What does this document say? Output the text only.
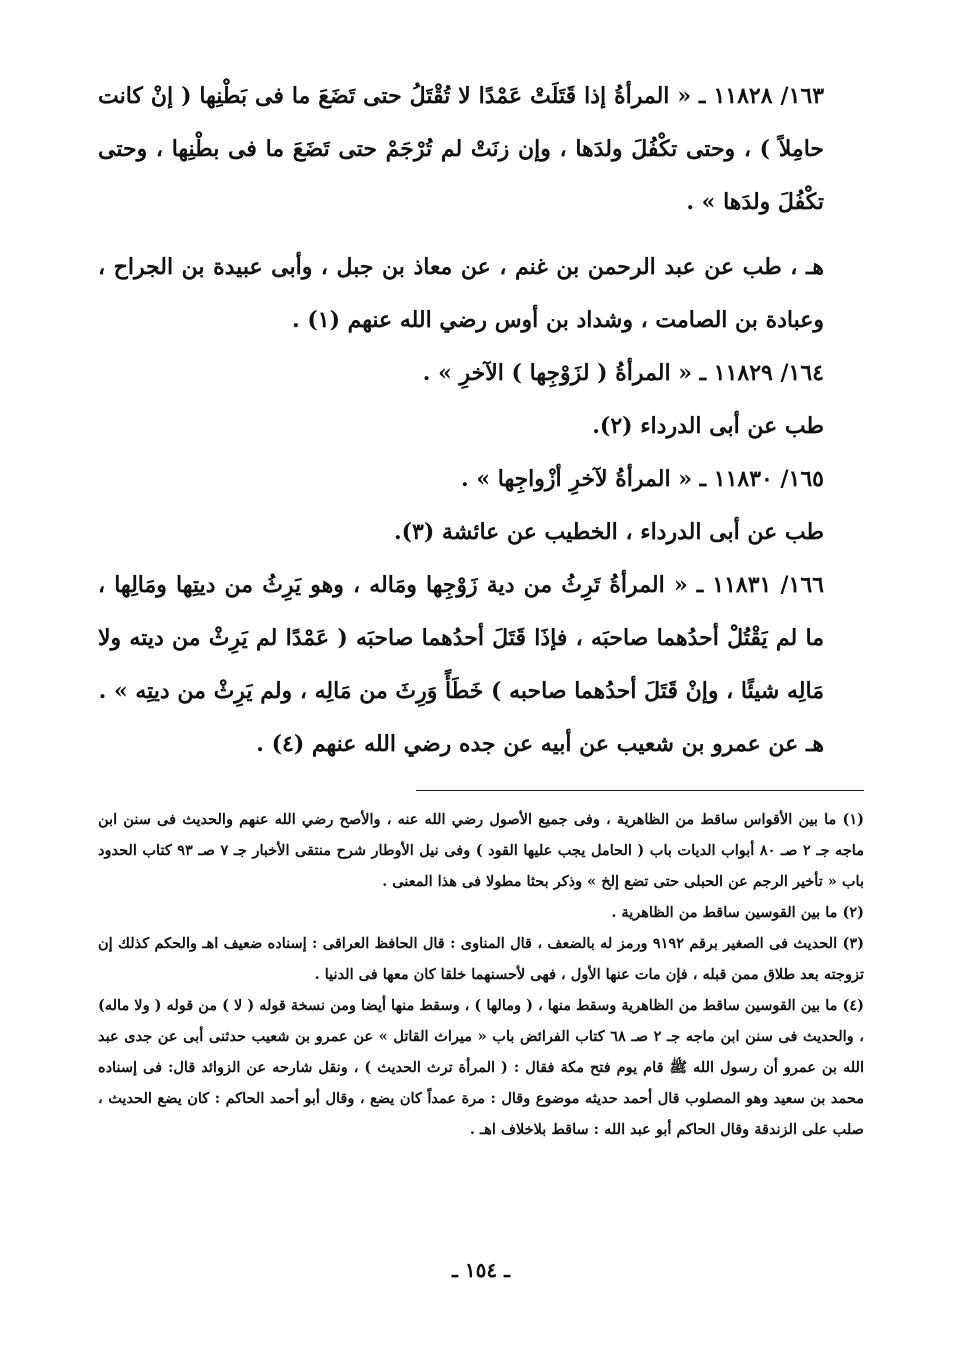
١٦٣/ ١١٨٢٨ ـ « المرأةُ إذا قَتَلَتْ عَمْدًا لا تُقْتَلُ حتى تَضَعَ ما فى بَطْنِها ( إنْ كانت حامِلاً ) ، وحتى تكْفُلَ ولدَها ، وإن زنَتْ لم تُرْجَمْ حتى تَضَعَ ما فى بطْنِها ، وحتى تكْفُلَ ولدَها » .

هـ ، طب عن عبد الرحمن بن غنم ، عن معاذ بن جبل ، وأبى عبيدة بن الجراح ، وعبادة بن الصامت ، وشداد بن أوس رضي الله عنهم (١) .

١٦٤/ ١١٨٢٩ ـ « المرأةُ ( لزَوْجِها ) الآخرِ » .

طب عن أبى الدرداء (٢).

١٦٥/ ١١٨٣٠ ـ « المرأةُ لآخرِ أزْواجِها » .

طب عن أبى الدرداء ، الخطيب عن عائشة (٣).

١٦٦/ ١١٨٣١ ـ « المرأةُ تَرِثُ من دية زَوْجِها ومَاله ، وهو يَرِثُ من ديتِها ومَالِها ، ما لم يَقْتُلْ أحدُهما صاحبَه ، فإذَا قَتَلَ أحدُهما صاحبَه ( عَمْدًا لم يَرِثْ من ديته ولا مَالِه شيئًا ، وإنْ قَتَلَ أحدُهما صاحبه ) خَطَأً وَرِثَ من مَالِه ، ولم يَرِثْ من ديتِه » .

هـ عن عمرو بن شعيب عن أبيه عن جده رضي الله عنهم (٤) .

(١) ما بين الأقواس ساقط من الظاهرية ، وفى جميع الأصول رضي الله عنه ، والأصح رضي الله عنهم والحديث فى سنن ابن ماجه جـ ٢ صـ ٨٠ أبواب الديات باب ( الحامل يجب عليها القود ) وفى نيل الأوطار شرح منتقى الأخبار جـ ٧ صـ ٩٣ كتاب الحدود باب « تأخير الرجم عن الحبلى حتى تضع إلخ » وذكر بحثا مطولا فى هذا المعنى .

(٢) ما بين القوسين ساقط من الظاهرية .

(٣) الحديث فى الصغير برقم ٩١٩٢ ورمز له بالضعف ، قال المناوى : قال الحافظ العراقى : إسناده ضعيف اهـ والحكم كذلك إن تزوجته بعد طلاق ممن قبله ، فإن مات عنها الأول ، فهى لأحسنهما خلقا كان معها فى الدنيا .

(٤) ما بين القوسين ساقط من الظاهرية وسقط منها ، ( ومالها ) ، وسقط منها أيضا ومن نسخة قوله ( لا ) من قوله ( ولا ماله) ، والحديث فى سنن ابن ماجه جـ ٢ صـ ٦٨ كتاب الفرائض باب « ميراث القاتل » عن عمرو بن شعيب حدثنى أبى عن جدى عبد الله بن عمرو أن رسول الله ﷺ قام يوم فتح مكة فقال : ( المرأة ترث الحديث ) ، ونقل شارحه عن الزوائد قال: فى إسناده محمد بن سعيد وهو المصلوب قال أحمد حديثه موضوع وقال : مرة عمداً كان يضع ، وقال أبو أحمد الحاكم : كان يضع الحديث ، صلب على الزندقة وقال الحاكم أبو عبد الله : ساقط بلاخلاف اهـ .

ـ ١٥٤ ـ
